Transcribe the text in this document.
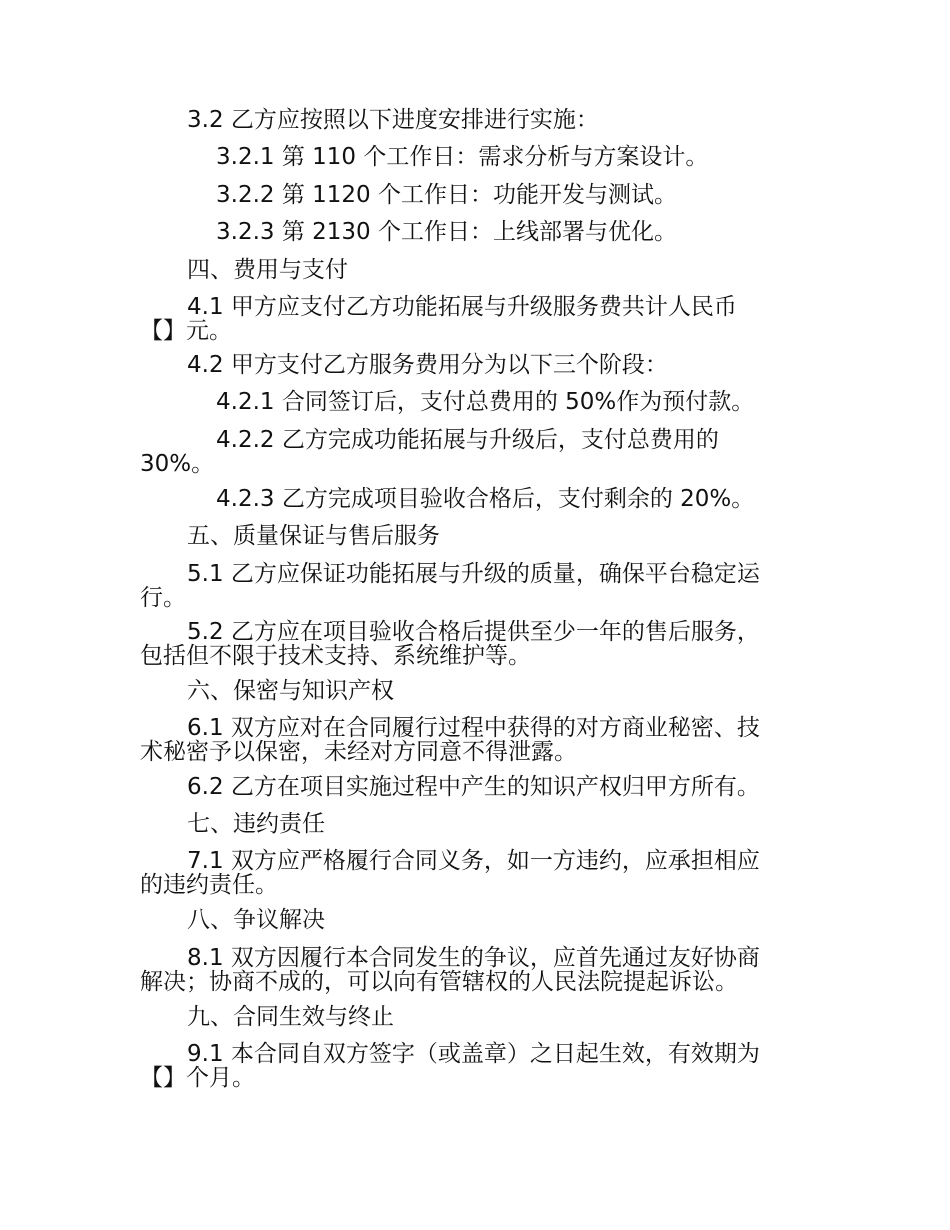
3.2 乙方应按照以下进度安排进行实施：

3.2.1 第 110 个工作日：需求分析与方案设计。

3.2.2 第 1120 个工作日：功能开发与测试。

3.2.3 第 2130 个工作日：上线部署与优化。

四、费用与支付

4.1 甲方应支付乙方功能拓展与升级服务费共计人民币

【】元。

4.2 甲方支付乙方服务费用分为以下三个阶段：

4.2.1 合同签订后，支付总费用的 50%作为预付款。

4.2.2 乙方完成功能拓展与升级后，支付总费用的

30%。

4.2.3 乙方完成项目验收合格后，支付剩余的 20%。

五、质量保证与售后服务

5.1 乙方应保证功能拓展与升级的质量，确保平台稳定运

行。

5.2 乙方应在项目验收合格后提供至少一年的售后服务，

包括但不限于技术支持、系统维护等。

六、保密与知识产权

6.1 双方应对在合同履行过程中获得的对方商业秘密、技

术秘密予以保密，未经对方同意不得泄露。

6.2 乙方在项目实施过程中产生的知识产权归甲方所有。

七、违约责任

7.1 双方应严格履行合同义务，如一方违约，应承担相应

的违约责任。

八、争议解决

8.1 双方因履行本合同发生的争议，应首先通过友好协商

解决；协商不成的，可以向有管辖权的人民法院提起诉讼。

九、合同生效与终止

9.1 本合同自双方签字（或盖章）之日起生效，有效期为

【】个月。
